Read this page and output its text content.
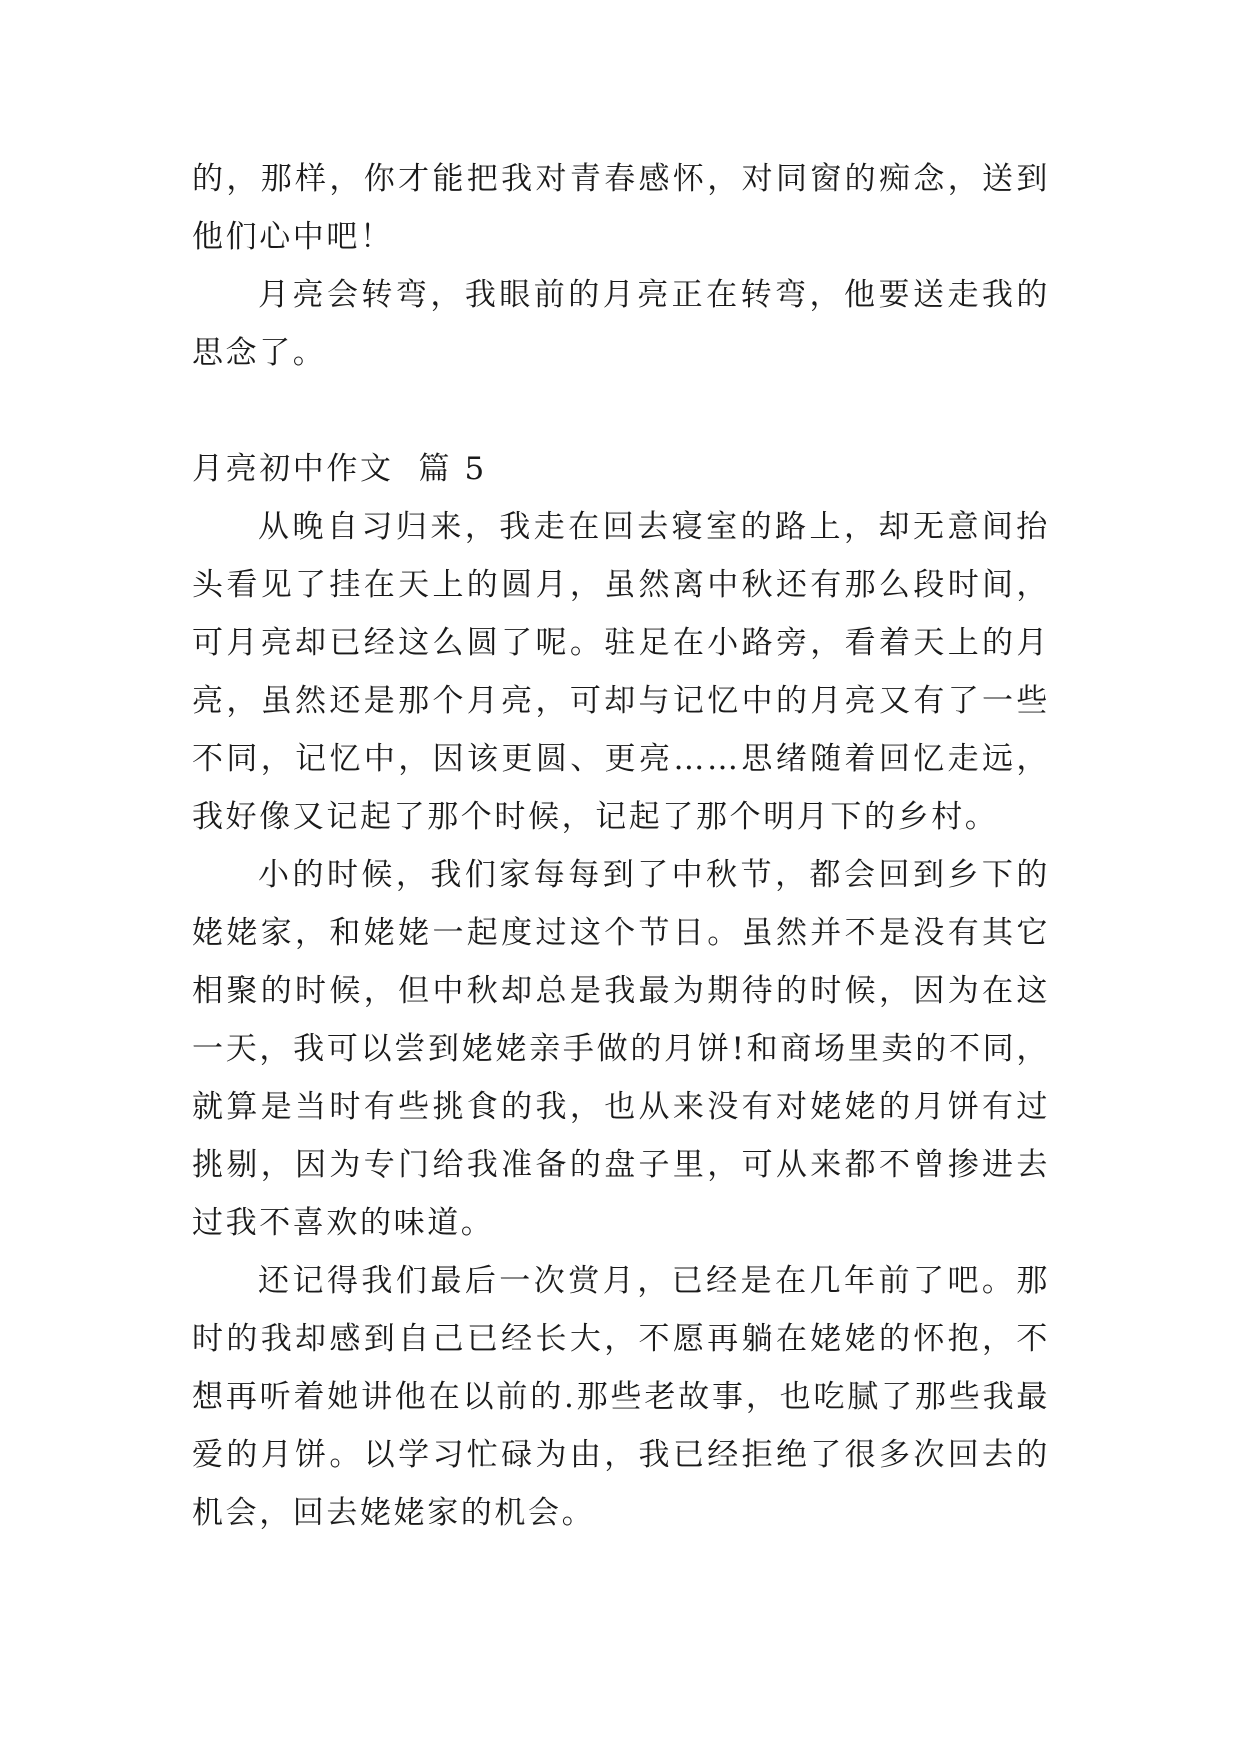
的，那样，你才能把我对青春感怀，对同窗的痴念，送到他们心中吧！

月亮会转弯，我眼前的月亮正在转弯，他要送走我的思念了。

月亮初中作文  篇 5

从晚自习归来，我走在回去寝室的路上，却无意间抬头看见了挂在天上的圆月，虽然离中秋还有那么段时间，可月亮却已经这么圆了呢。驻足在小路旁，看着天上的月亮，虽然还是那个月亮，可却与记忆中的月亮又有了一些不同，记忆中，因该更圆、更亮……思绪随着回忆走远，我好像又记起了那个时候，记起了那个明月下的乡村。

小的时候，我们家每每到了中秋节，都会回到乡下的姥姥家，和姥姥一起度过这个节日。虽然并不是没有其它相聚的时候，但中秋却总是我最为期待的时候，因为在这一天，我可以尝到姥姥亲手做的月饼!和商场里卖的不同，就算是当时有些挑食的我，也从来没有对姥姥的月饼有过挑剔，因为专门给我准备的盘子里，可从来都不曾掺进去过我不喜欢的味道。

还记得我们最后一次赏月，已经是在几年前了吧。那时的我却感到自己已经长大，不愿再躺在姥姥的怀抱，不想再听着她讲他在以前的.那些老故事，也吃腻了那些我最爱的月饼。以学习忙碌为由，我已经拒绝了很多次回去的机会，回去姥姥家的机会。
